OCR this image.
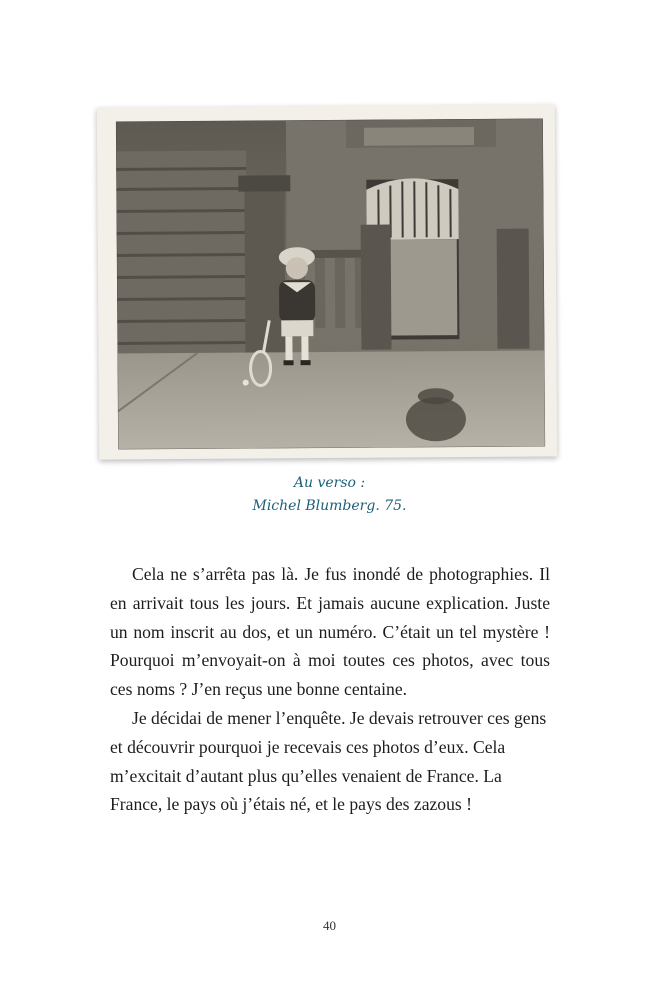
Au verso :
Michel Blumberg. 75.

Cela ne s’arrêta pas là. Je fus inondé de photographies. Il en arrivait tous les jours. Et jamais aucune explication. Juste un nom inscrit au dos, et un numéro. C’était un tel mystère ! Pourquoi m’envoyait-on à moi toutes ces photos, avec tous ces noms ? J’en reçus une bonne centaine.

Je décidai de mener l’enquête. Je devais retrouver ces gens et découvrir pourquoi je recevais ces photos d’eux. Cela m’excitait d’autant plus qu’elles venaient de France. La France, le pays où j’étais né, et le pays des zazous !

40
